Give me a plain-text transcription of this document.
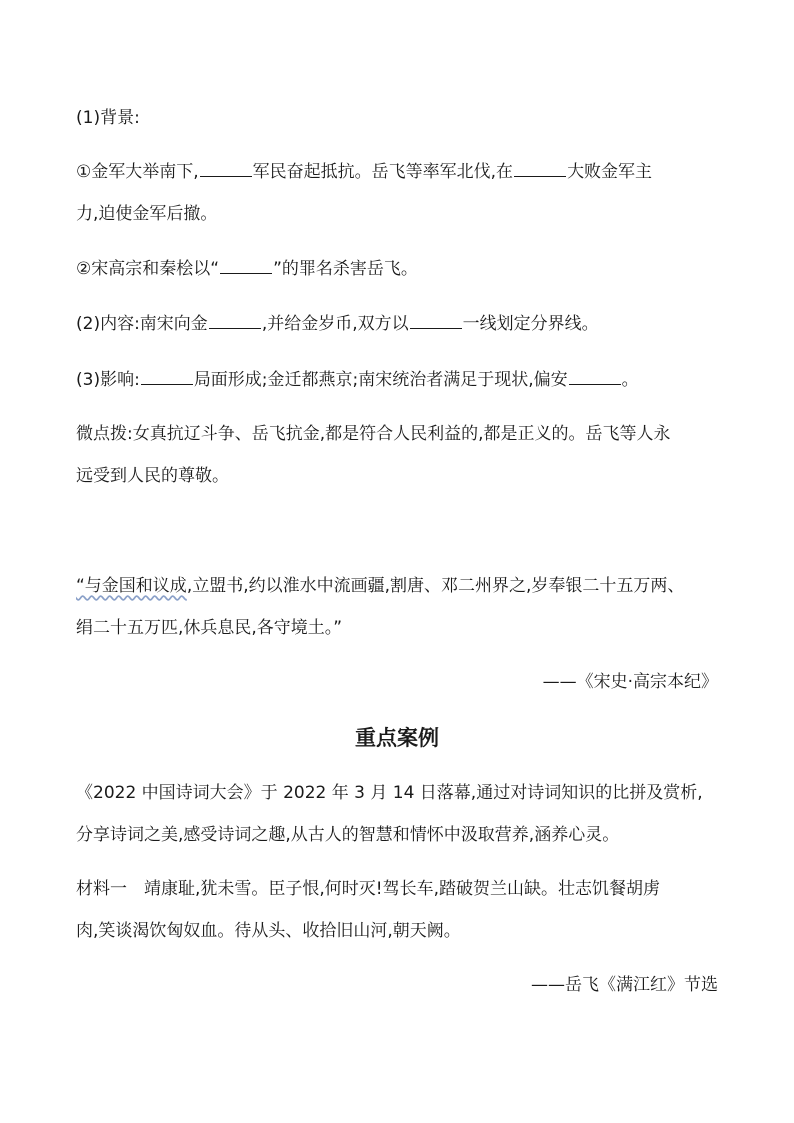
(1)背景:
①金军大举南下,	军民奋起抵抗。岳飞等率军北伐,在	大败金军主
力,迫使金军后撤。
②宋高宗和秦桧以“	”的罪名杀害岳飞。
(2)内容:南宋向金	,并给金岁币,双方以	一线划定分界线。
(3)影响:	局面形成;金迁都燕京;南宋统治者满足于现状,偏安	。
微点拨:女真抗辽斗争、岳飞抗金,都是符合人民利益的,都是正义的。岳飞等人永
远受到人民的尊敬。
“与金国和议成,立盟书,约以淮水中流画疆,割唐、邓二州界之,岁奉银二十五万两、
绢二十五万匹,休兵息民,各守境土。”
——《宋史·高宗本纪》
重点案例
《2022 中国诗词大会》于 2022 年 3 月 14 日落幕,通过对诗词知识的比拼及赏析,
分享诗词之美,感受诗词之趣,从古人的智慧和情怀中汲取营养,涵养心灵。
材料一　靖康耻,犹未雪。臣子恨,何时灭!驾长车,踏破贺兰山缺。壮志饥餐胡虏
肉,笑谈渴饮匈奴血。待从头、收拾旧山河,朝天阙。
——岳飞《满江红》节选
